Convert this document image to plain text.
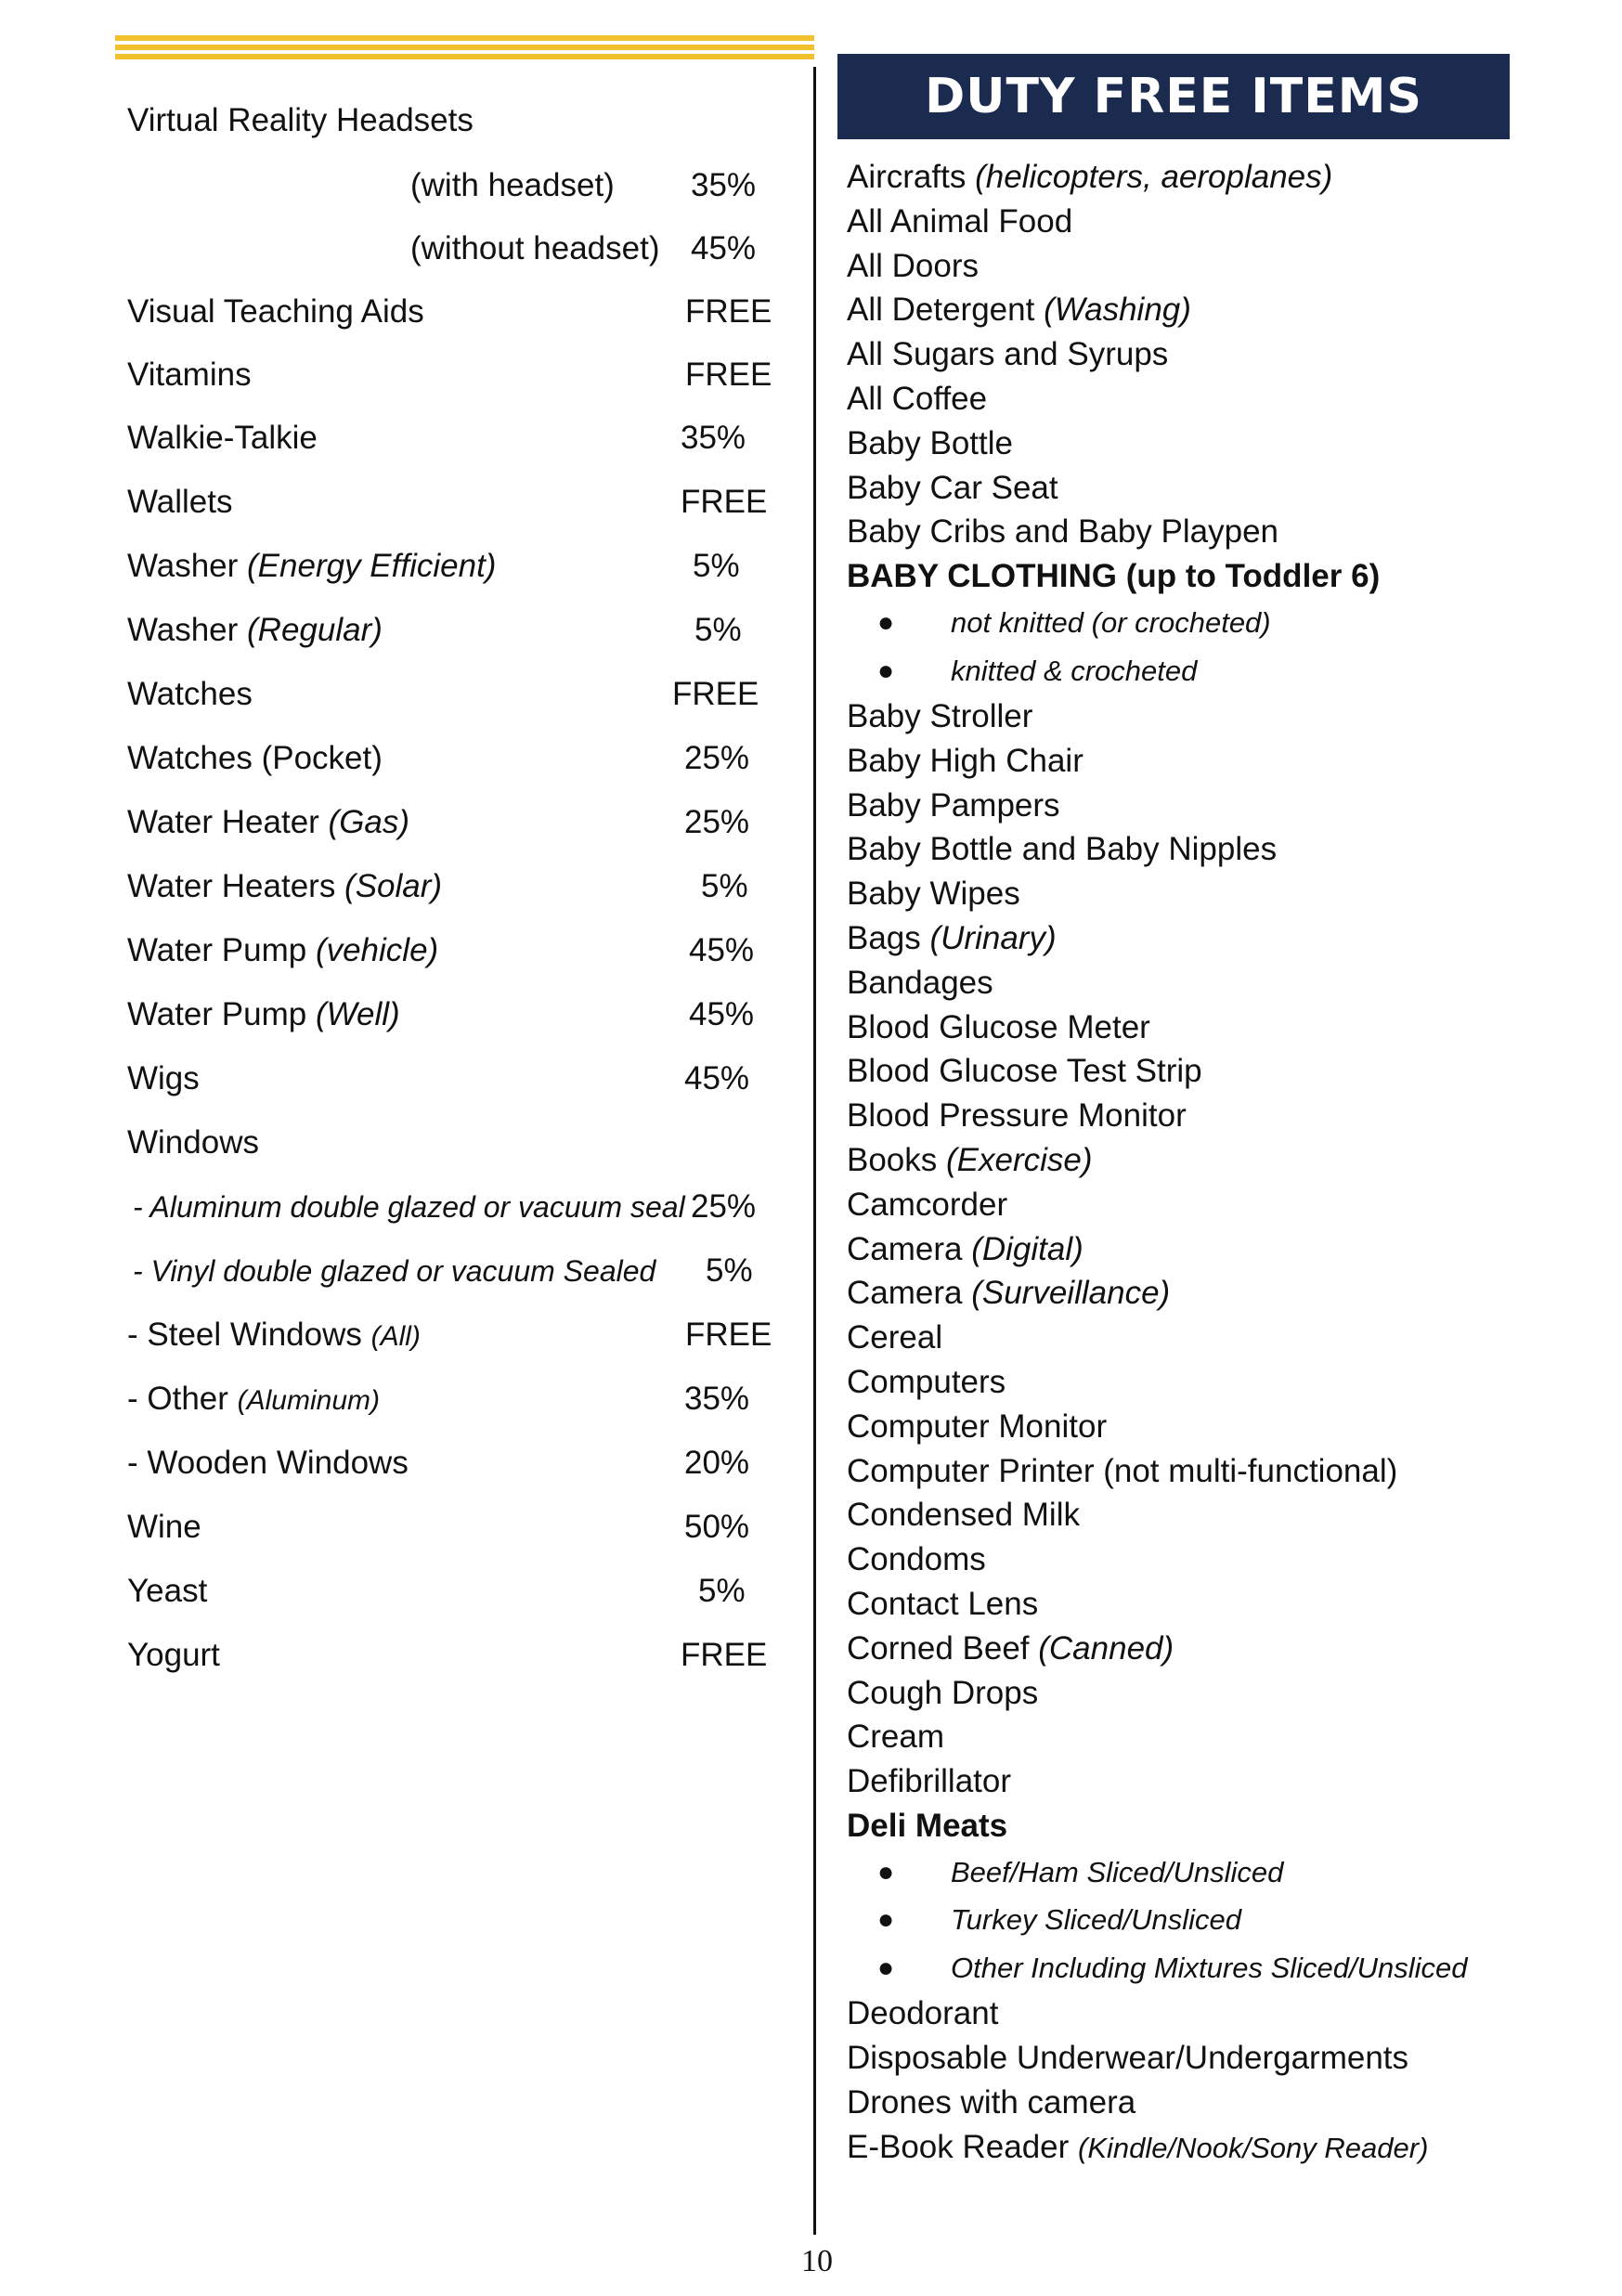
DUTY FREE ITEMS
Virtual Reality Headsets
(with headset) 35%
(without headset) 45%
Visual Teaching Aids	FREE
Vitamins	FREE
Walkie-Talkie	35%
Wallets	FREE
Washer (Energy Efficient)	5%
Washer (Regular)	5%
Watches	FREE
Watches (Pocket)	25%
Water Heater (Gas)	25%
Water Heaters (Solar)	5%
Water Pump (vehicle)	45%
Water Pump (Well)	45%
Wigs	45%
Windows
- Aluminum double glazed or vacuum seal 25%
- Vinyl double glazed or vacuum Sealed 5%
- Steel Windows (All)	FREE
- Other (Aluminum)	35%
- Wooden Windows	20%
Wine	50%
Yeast	5%
Yogurt	FREE
Aircrafts (helicopters, aeroplanes)
All Animal Food
All Doors
All Detergent (Washing)
All Sugars and Syrups
All Coffee
Baby Bottle
Baby Car Seat
Baby Cribs and Baby Playpen
BABY CLOTHING (up to Toddler 6)
● not knitted (or crocheted)
● knitted & crocheted
Baby Stroller
Baby High Chair
Baby Pampers
Baby Bottle and Baby Nipples
Baby Wipes
Bags (Urinary)
Bandages
Blood Glucose Meter
Blood Glucose Test Strip
Blood Pressure Monitor
Books (Exercise)
Camcorder
Camera (Digital)
Camera (Surveillance)
Cereal
Computers
Computer Monitor
Computer Printer (not multi-functional)
Condensed Milk
Condoms
Contact Lens
Corned Beef (Canned)
Cough Drops
Cream
Defibrillator
Deli Meats
● Beef/Ham Sliced/Unsliced
● Turkey Sliced/Unsliced
● Other Including Mixtures Sliced/Unsliced
Deodorant
Disposable Underwear/Undergarments
Drones with camera
E-Book Reader (Kindle/Nook/Sony Reader)
10
